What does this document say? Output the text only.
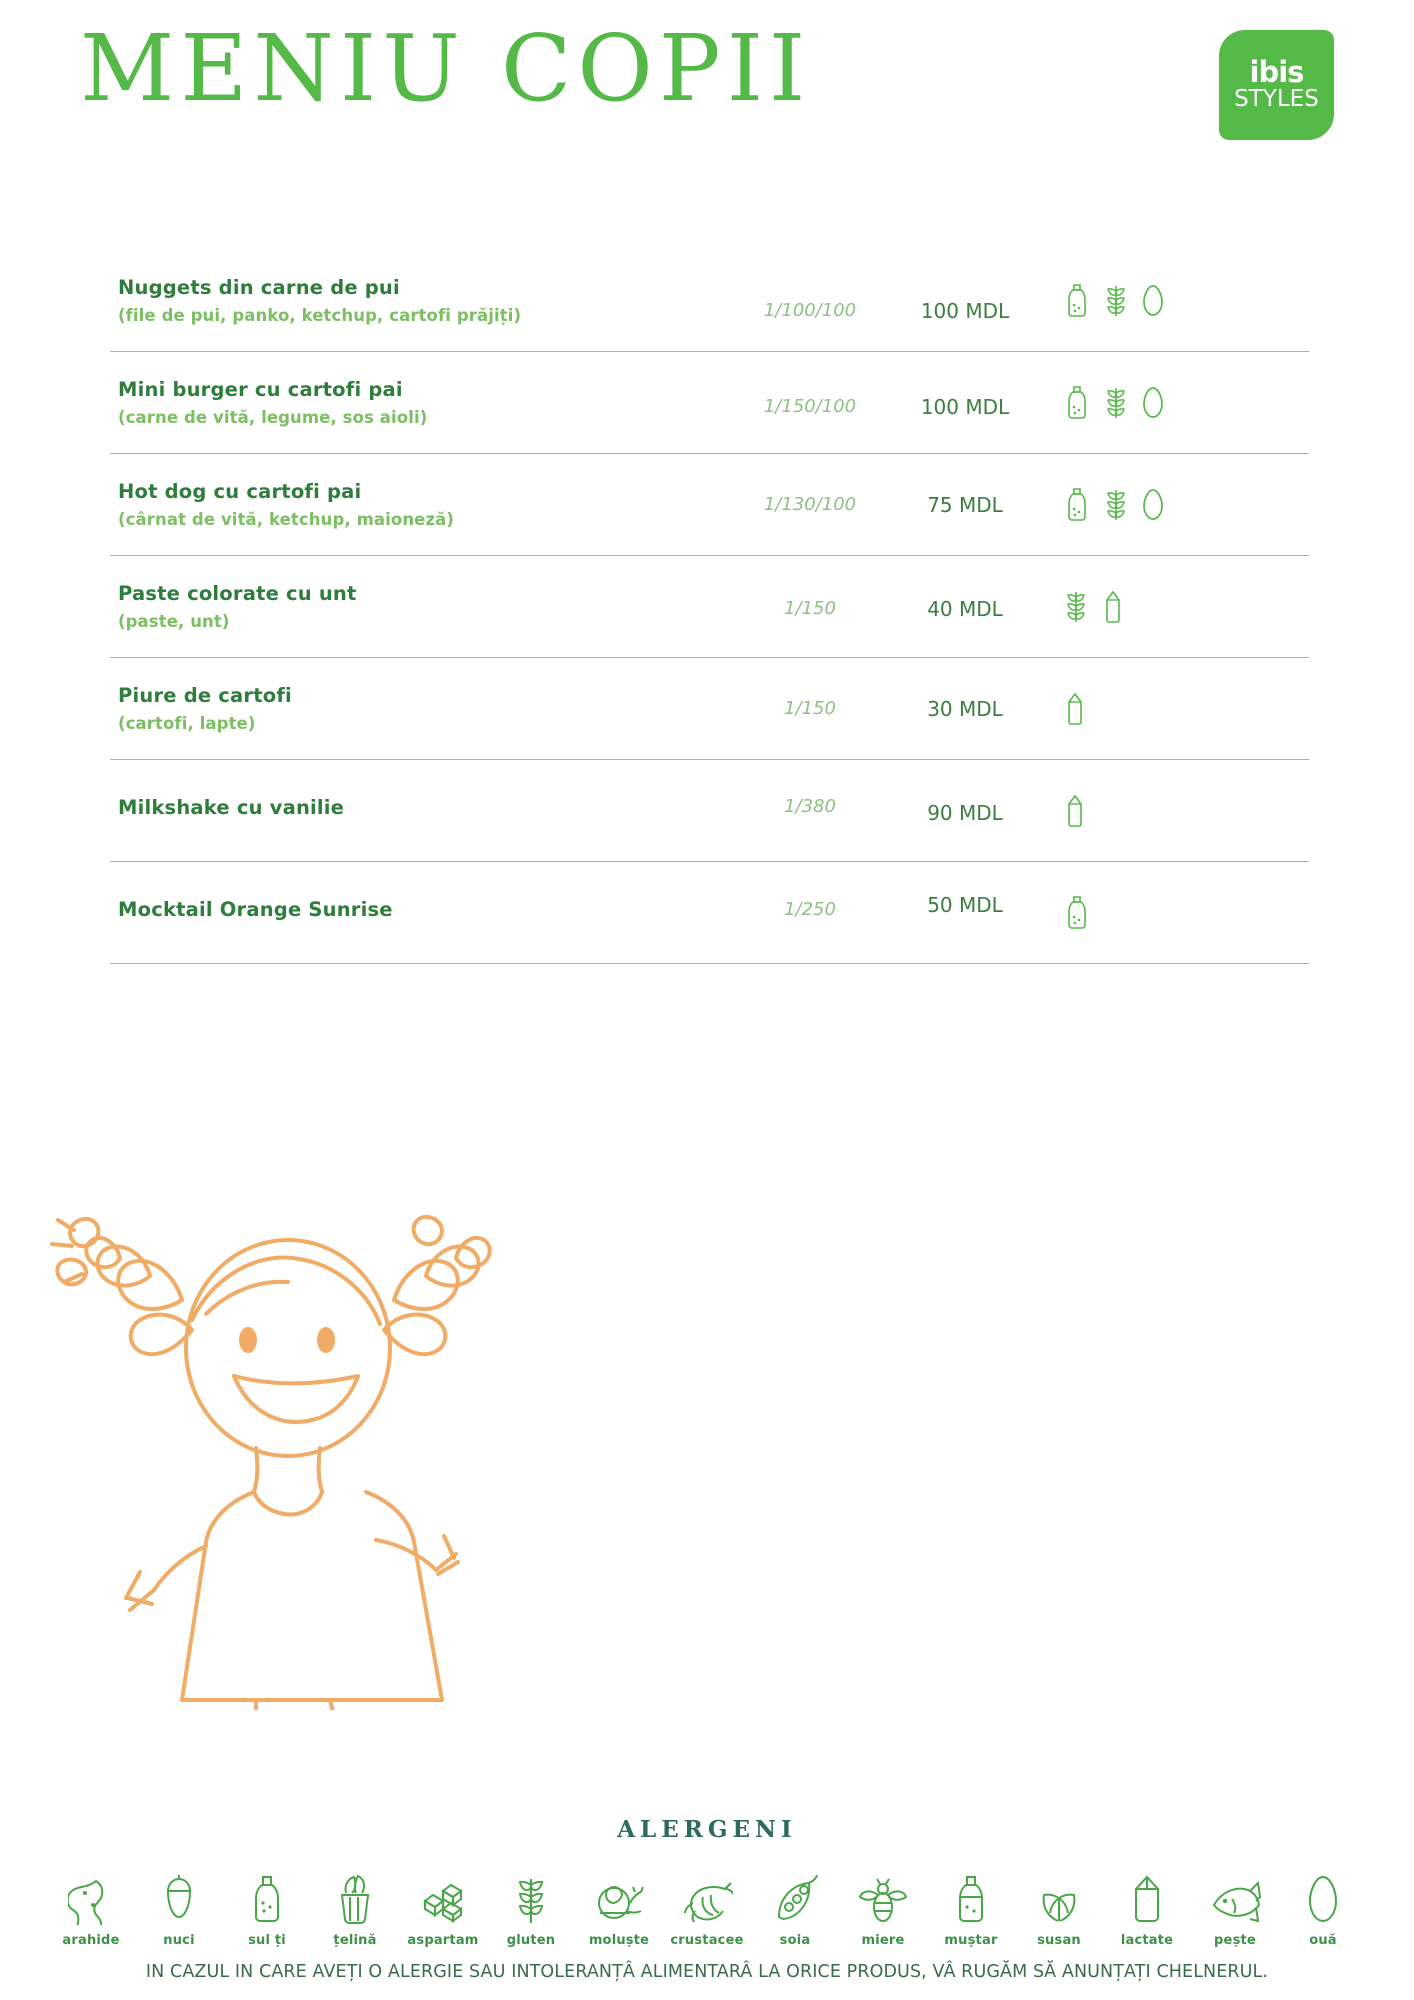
MENIU COPII	ibis
STYLES
Nuggets din carne de pui
(file de pui, panko, ketchup, cartofi prăjiți)	1/100/100	100 MDL
Mini burger cu cartofi pai
(carne de vită, legume, sos aioli)
1/150/100	100 MDL
Hot dog cu cartofi pai
(cârnat de vită, ketchup, maioneză)
1/130/100	75 MDL
Paste colorate cu unt
(paste, unt)
1/150	40 MDL
Piure de cartofi
(cartofi, lapte)
1/150	30 MDL
Milkshake cu vanilie	1/380	90 MDL
Mocktail Orange Sunrise	1/250	50 MDL
ALERGENI
arahide	nuci	sul ți	țelină aspartam gluten	moluște crustacee	soia	miere	muștar	susan	lactate	pește	ouă
IN CAZUL IN CARE AVEȚI O ALERGIE SAU INTOLERANȚÂ ALIMENTARÂ LA ORICE PRODUS, VÂ RUGĂM SĂ ANUNȚAȚI CHELNERUL.
